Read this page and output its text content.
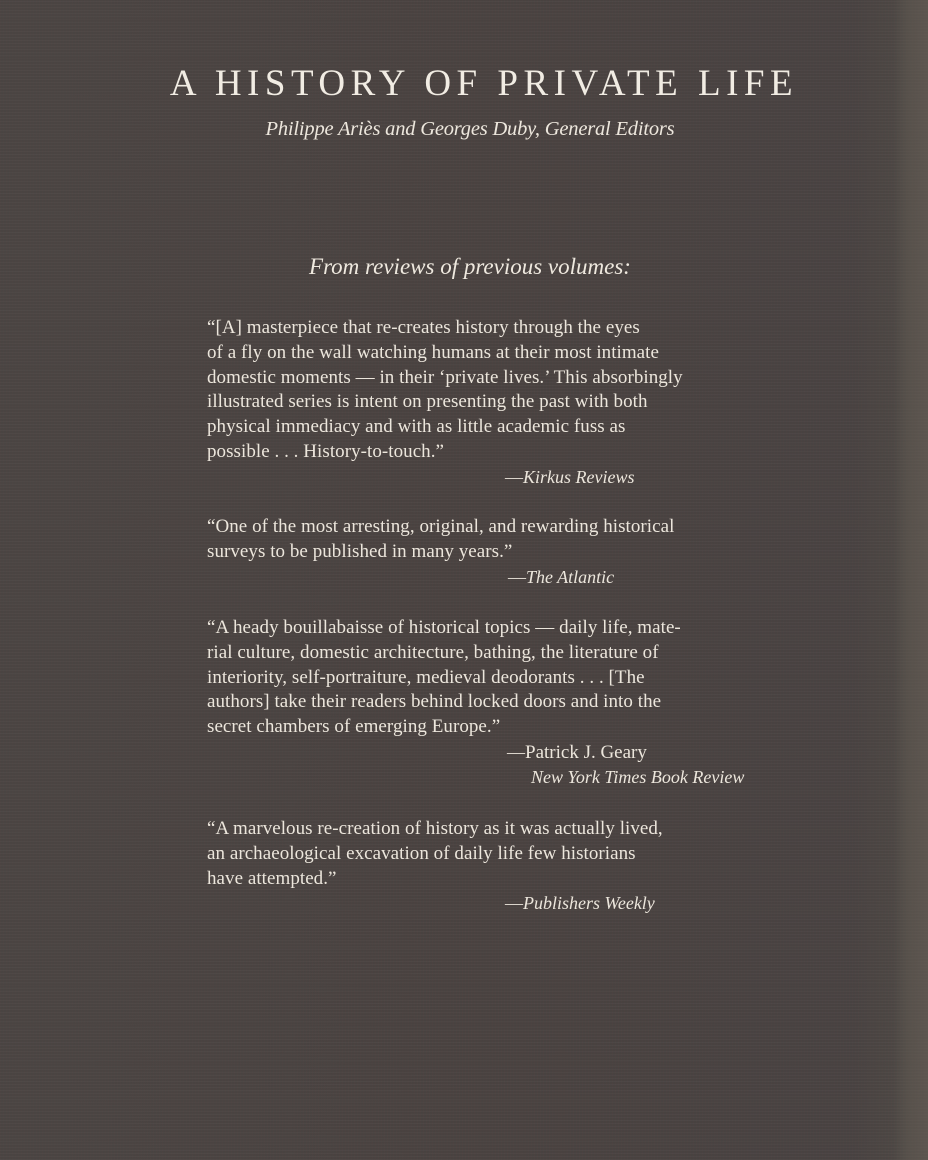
A HISTORY OF PRIVATE LIFE
Philippe Ariès and Georges Duby, General Editors
From reviews of previous volumes:
“[A] masterpiece that re-creates history through the eyes
of a fly on the wall watching humans at their most intimate
domestic moments — in their ‘private lives.’ This absorbingly
illustrated series is intent on presenting the past with both
physical immediacy and with as little academic fuss as
possible . . . History-to-touch.”
—Kirkus Reviews
“One of the most arresting, original, and rewarding historical
surveys to be published in many years.”
—The Atlantic
“A heady bouillabaisse of historical topics — daily life, mate-
rial culture, domestic architecture, bathing, the literature of
interiority, self-portraiture, medieval deodorants . . . [The
authors] take their readers behind locked doors and into the
secret chambers of emerging Europe.”
—Patrick J. Geary
New York Times Book Review
“A marvelous re-creation of history as it was actually lived,
an archaeological excavation of daily life few historians
have attempted.”
—Publishers Weekly
